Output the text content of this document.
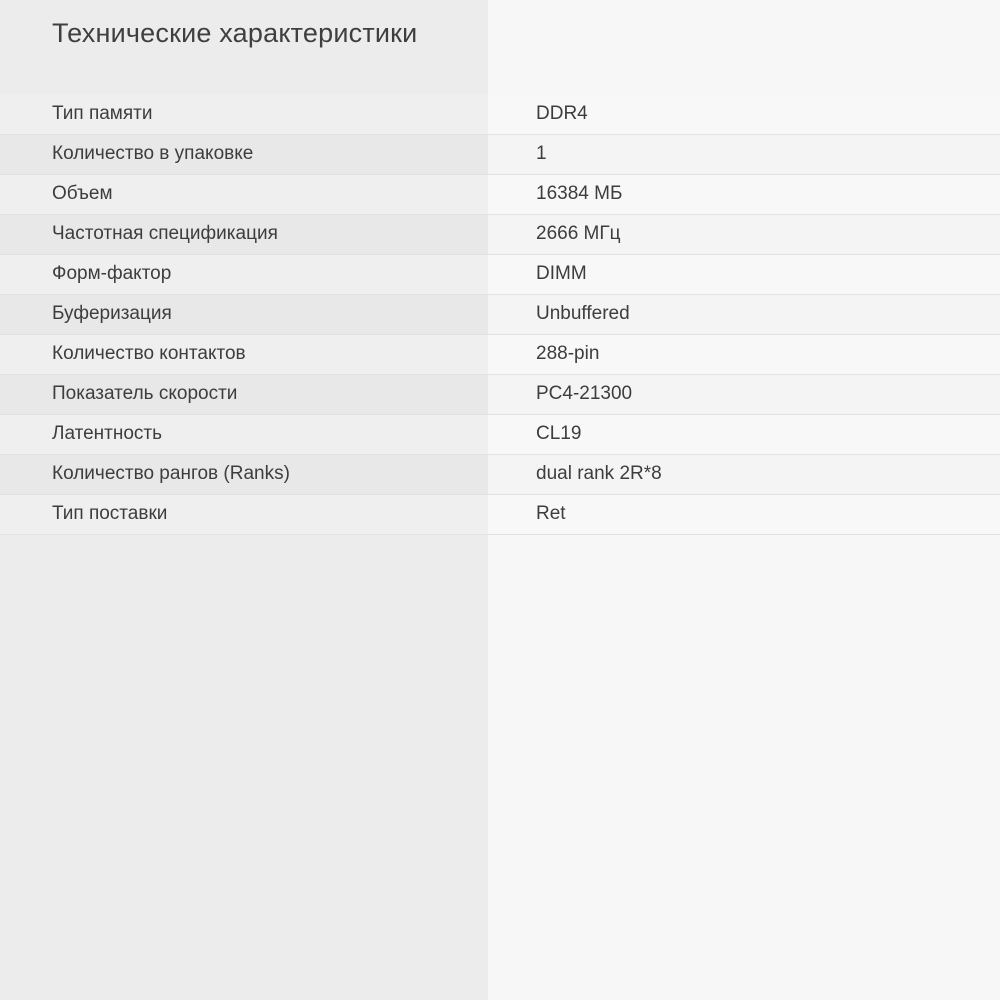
Технические характеристики
Тип памяти	DDR4
Количество в упаковке	1
Объем	16384 МБ
Частотная спецификация	2666 МГц
Форм-фактор	DIMM
Буферизация	Unbuffered
Количество контактов	288-pin
Показатель скорости	PC4-21300
Латентность	CL19
Количество рангов (Ranks)	dual rank 2R*8
Тип поставки	Ret
